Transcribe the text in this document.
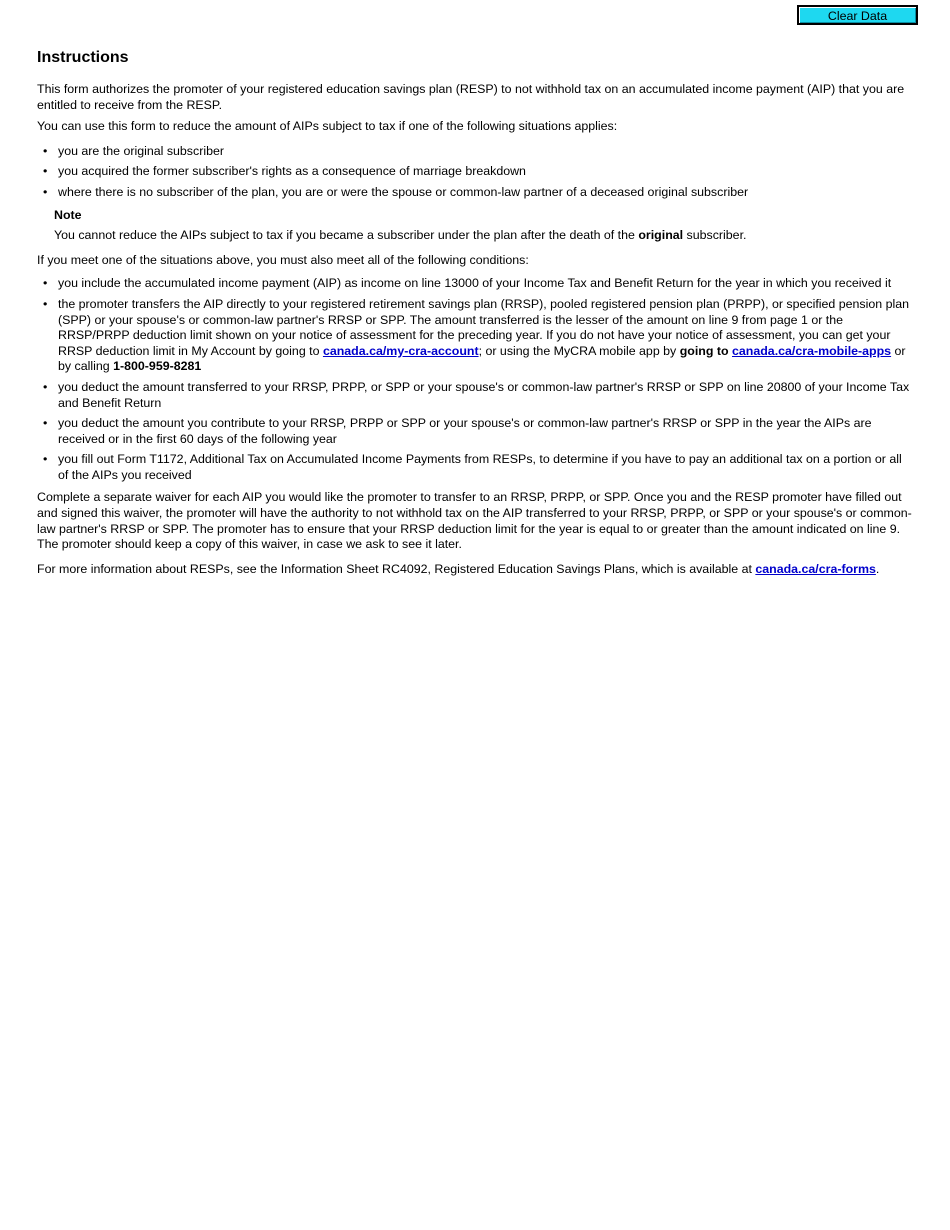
Clear Data
Instructions

This form authorizes the promoter of your registered education savings plan (RESP) to not withhold tax on an accumulated income payment (AIP) that you are entitled to receive from the RESP.

You can use this form to reduce the amount of AIPs subject to tax if one of the following situations applies:

• you are the original subscriber
• you acquired the former subscriber's rights as a consequence of marriage breakdown
• where there is no subscriber of the plan, you are or were the spouse or common-law partner of a deceased original subscriber
Note
You cannot reduce the AIPs subject to tax if you became a subscriber under the plan after the death of the original subscriber.

If you meet one of the situations above, you must also meet all of the following conditions:

• you include the accumulated income payment (AIP) as income on line 13000 of your Income Tax and Benefit Return for the year in which you received it
• the promoter transfers the AIP directly to your registered retirement savings plan (RRSP), pooled registered pension plan (PRPP), or specified pension plan (SPP) or your spouse's or common-law partner's RRSP or SPP. The amount transferred is the lesser of the amount on line 9 from page 1 or the RRSP/PRPP deduction limit shown on your notice of assessment for the preceding year. If you do not have your notice of assessment, you can get your RRSP deduction limit in My Account by going to canada.ca/my-cra-account; or using the MyCRA mobile app by going to canada.ca/cra-mobile-apps or by calling 1-800-959-8281
• you deduct the amount transferred to your RRSP, PRPP, or SPP or your spouse's or common-law partner's RRSP or SPP on line 20800 of your Income Tax and Benefit Return
• you deduct the amount you contribute to your RRSP, PRPP or SPP or your spouse's or common-law partner's RRSP or SPP in the year the AIPs are received or in the first 60 days of the following year
• you fill out Form T1172, Additional Tax on Accumulated Income Payments from RESPs, to determine if you have to pay an additional tax on a portion or all of the AIPs you received

Complete a separate waiver for each AIP you would like the promoter to transfer to an RRSP, PRPP, or SPP. Once you and the RESP promoter have filled out and signed this waiver, the promoter will have the authority to not withhold tax on the AIP transferred to your RRSP, PRPP, or SPP or your spouse's or common-law partner's RRSP or SPP. The promoter has to ensure that your RRSP deduction limit for the year is equal to or greater than the amount indicated on line 9. The promoter should keep a copy of this waiver, in case we ask to see it later.

For more information about RESPs, see the Information Sheet RC4092, Registered Education Savings Plans, which is available at canada.ca/cra-forms.
